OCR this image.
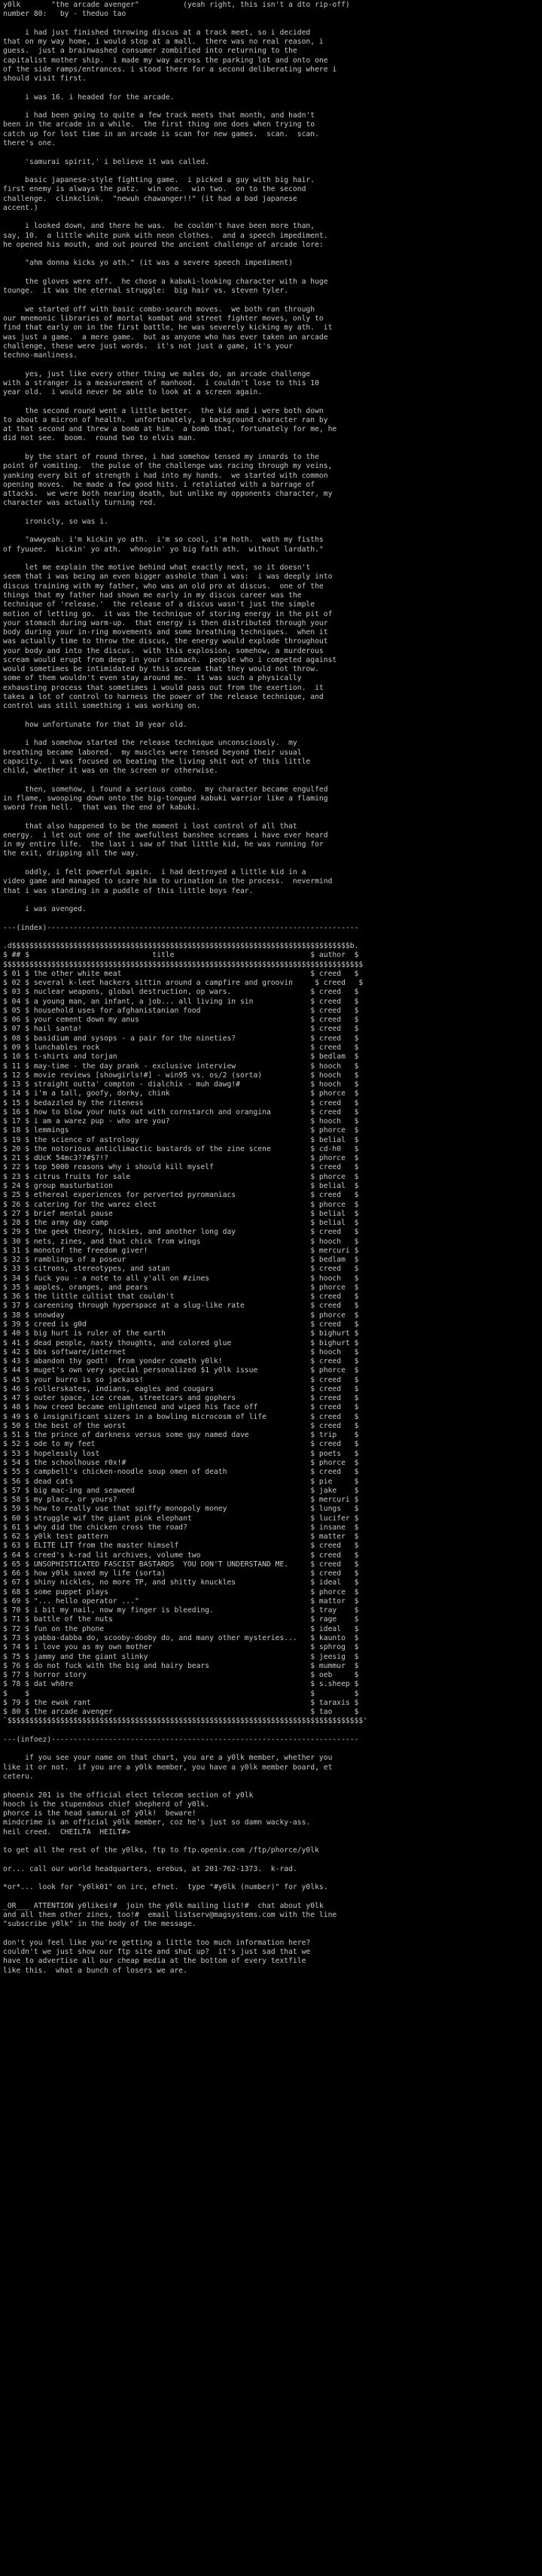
y0lk       "the arcade avenger"          (yeah right, this isn't a dto rip-off)
number 80:   by - theduo tao
i had just finished throwing discus at a track meet, so i decided
that on my way home, i would stop at a mall.  there was no real reason, i
guess.  just a brainwashed consumer zombified into returning to the
capitalist mother ship.  i made my way across the parking lot and onto one
of the side ramps/entrances. i stood there for a second deliberating where i
should visit first.
i was 16. i headed for the arcade.
i had been going to quite a few track meets that month, and hadn't
been in the arcade in a while.  the first thing one does when trying to
catch up for lost time in an arcade is scan for new games.  scan.  scan.
there's one.
'samurai spirit,' i believe it was called.
basic japanese-style fighting game.  i picked a guy with big hair.
first enemy is always the patz.  win one.  win two.  on to the second
challenge.  clinkclink.  "newuh chawanger!!" (it had a bad japanese
accent.)
i looked down, and there he was.  he couldn't have been more than,
say, 10.  a little white punk with neon clothes.  and a speech impediment.
he opened his mouth, and out poured the ancient challenge of arcade lore:
"ahm donna kicks yo ath." (it was a severe speech impediment)
the gloves were off.  he chose a kabuki-looking character with a huge
tounge.  it was the eternal struggle:  big hair vs. steven tyler.
we started off with basic combo-search moves.  we both ran through
our mnemonic libraries of mortal kombat and street fighter moves, only to
find that early on in the first battle, he was severely kicking my ath.  it
was just a game.  a mere game.  but as anyone who has ever taken an arcade
challenge, these were just words.  it's not just a game, it's your
techno-manliness.
yes, just like every other thing we males do, an arcade challenge
with a stranger is a measurement of manhood.  i couldn't lose to this 10
year old.  i would never be able to look at a screen again.
the second round went a little better.  the kid and i were both down
to about a micron of health.  unfortunately, a background character ran by
at that second and threw a bomb at him.  a bomb that, fortunately for me, he
did not see.  boom.  round two to elvis man.
by the start of round three, i had somehow tensed my innards to the
point of vomiting.  the pulse of the challenge was racing through my veins,
yanking every bit of strength i had into my hands.  we started with common
opening moves.  he made a few good hits. i retaliated with a barrage of
attacks.  we were both nearing death, but unlike my opponents character, my
character was actually turning red.
ironicly, so was i.
"awwyeah. i'm kickin yo ath.  i'm so cool, i'm hoth.  wath my fisths
of fyuuee.  kickin' yo ath.  whoopin' yo big fath ath.  without lardath."
let me explain the motive behind what exactly next, so it doesn't
seem that i was being an even bigger asshole than i was:  i was deeply into
discus training with my father, who was an old pro at discus.  one of the
things that my father had shown me early in my discus career was the
technique of 'release.'  the release of a discus wasn't just the simple
motion of letting go.  it was the technique of storing energy in the pit of
your stomach during warm-up.  that energy is then distributed through your
body during your in-ring movements and some breathing techniques.  when it
was actually time to throw the discus, the energy would explode throughout
your body and into the discus.  with this explosion, somehow, a murderous
scream would erupt from deep in your stomach.  people who i competed against
would sometimes be intimidated by this scream that they would not throw.
some of them wouldn't even stay around me.  it was such a physically
exhausting process that sometimes i would pass out from the exertion.  it
takes a lot of control to harness the power of the release technique, and
control was still something i was working on.
how unfortunate for that 10 year old.
i had somehow started the release technique unconsciously.  my
breathing became labored.  my muscles were tensed beyond their usual
capacity.  i was focused on beating the living shit out of this little
child, whether it was on the screen or otherwise.
then, somehow, i found a serious combo.  my character became engulfed
in flame, swooping down onto the big-tongued kabuki warrior like a flaming
sword from hell.  that was the end of kabuki.
that also happened to be the moment i lost control of all that
energy.  i let out one of the awefullest banshee screams i have ever heard
in my entire life.  the last i saw of that little kid, he was running for
the exit, dripping all the way.
oddly, i felt powerful again.  i had destroyed a little kid in a
video game and managed to scare him to urination in the process.  nevermind
that i was standing in a puddle of this little boys fear.
i was avenged.
---(index)-----------------------------------------------------------------------
.d$$$$$$$$$$$$$$$$$$$$$$$$$$$$$$$$$$$$$$$$$$$$$$$$$$$$$$$$$$$$$$$$$$$$$$$$$$$$$b.
$ ## $                            title                               $ author  $
$$$$$$$$$$$$$$$$$$$$$$$$$$$$$$$$$$$$$$$$$$$$$$$$$$$$$$$$$$$$$$$$$$$$$$$$$$$$$$$$$$
$ 01 $ the other white meat                                           $ creed   $
$ 02 $ several k-leet hackers sittin around a campfire and groovin     $ creed   $
$ 03 $ nuclear weapons, global destruction, op wars.                  $ creed   $
$ 04 $ a young man, an infant, a job... all living in sin             $ creed   $
$ 05 $ household uses for afghanistanian food                         $ creed   $
$ 06 $ your cement down my anus                                       $ creed   $
$ 07 $ hail santa!                                                    $ creed   $
$ 08 $ basidium and sysops - a pair for the nineties?                 $ creed   $
$ 09 $ lunchables rock                                                $ creed   $
$ 10 $ t-shirts and torjan                                            $ bedlam  $
$ 11 $ may-time - the day prank - exclusive interview                 $ hooch   $
$ 12 $ movie reviews [showgirls!#] - win95 vs. os/2 (sorta)           $ hooch   $
$ 13 $ straight outta' compton - dialchix - muh dawg!#                $ hooch   $
$ 14 $ i'm a tall, goofy, dorky, chink                                $ phorce  $
$ 15 $ bedazzled by the riteness                                      $ creed   $
$ 16 $ how to blow your nuts out with cornstarch and orangina         $ creed   $
$ 17 $ i am a warez pup - who are you?                                $ hooch   $
$ 18 $ lemmings                                                       $ phorce  $
$ 19 $ the science of astrology                                       $ belial  $
$ 20 $ the notorious anticlimactic bastards of the zine scene         $ cd-h0   $
$ 21 $ dUcK 54mc3??#$?!?                                              $ phorce  $
$ 22 $ top 5000 reasons why i should kill myself                      $ creed   $
$ 23 $ citrus fruits for sale                                         $ phorce  $
$ 24 $ group masturbation                                             $ belial  $
$ 25 $ ethereal experiences for perverted pyromaniacs                 $ creed   $
$ 26 $ catering for the warez elect                                   $ phorce  $
$ 27 $ brief mental pause                                             $ belial  $
$ 28 $ the army day camp                                              $ belial  $
$ 29 $ the geek theory, hickies, and another long day                 $ creed   $
$ 30 $ nets, zines, and that chick from wings                         $ hooch   $
$ 31 $ monotof the freedom giver!                                     $ mercuri $
$ 32 $ ramblings of a poseur                                          $ bedlam  $
$ 33 $ citrons, stereotypes, and satan                                $ creed   $
$ 34 $ fuck you - a note to all y'all on #zines                       $ hooch   $
$ 35 $ apples, oranges, and pears                                     $ phorce  $
$ 36 $ the little cultist that couldn't                               $ creed   $
$ 37 $ careening through hyperspace at a slug-like rate               $ creed   $
$ 38 $ snowday                                                        $ phorce  $
$ 39 $ creed is g0d                                                   $ creed   $
$ 40 $ big hurt is ruler of the earth                                 $ bighurt $
$ 41 $ dead people, nasty thoughts, and colored glue                  $ bighurt $
$ 42 $ bbs software/internet                                          $ hooch   $
$ 43 $ abandon thy godt!  from yonder cometh y0lk!                    $ creed   $
$ 44 $ muget's own very special personalized $1 y0lk issue            $ phorce  $
$ 45 $ your burro is so jackass!                                      $ creed   $
$ 46 $ rollerskates, indians, eagles and cougars                      $ creed   $
$ 47 $ outer space, ice cream, streetcars and gophers                 $ creed   $
$ 48 $ how creed became enlightened and wiped his face off            $ creed   $
$ 49 $ 6 insignificant sizers in a bowling microcosm of life          $ creed   $
$ 50 $ the best of the worst                                          $ creed   $
$ 51 $ the prince of darkness versus some guy named dave              $ trip    $
$ 52 $ ode to my feet                                                 $ creed   $
$ 53 $ hopelessly lost                                                $ poets   $
$ 54 $ the schoolhouse r0x!#                                          $ phorce  $
$ 55 $ campbell's chicken-noodle soup omen of death                   $ creed   $
$ 56 $ dead cats                                                      $ pie     $
$ 57 $ big mac-ing and seaweed                                        $ jake    $
$ 58 $ my place, or yours?                                            $ mercuri $
$ 59 $ how to really use that spiffy monopoly money                   $ lungs   $
$ 60 $ struggle wif the giant pink elephant                           $ lucifer $
$ 61 $ why did the chicken cross the road?                            $ insane  $
$ 62 $ y0lk test pattern                                              $ matter  $
$ 63 $ ELITE LIT from the master himself                              $ creed   $
$ 64 $ creed's k-rad lit archives, volume two                         $ creed   $
$ 65 $ UNSOPHISTICATED FASCIST BASTARDS  YOU DON'T UNDERSTAND ME.     $ creed   $
$ 66 $ how y0lk saved my life (sorta)                                 $ creed   $
$ 67 $ shiny nickles, no more TP, and shitty knuckles                 $ ideal   $
$ 68 $ some puppet plays                                              $ phorce  $
$ 69 $ "... hello operator ..."                                       $ mattor  $
$ 70 $ i bit my nail, now my finger is bleeding.                      $ tray    $
$ 71 $ battle of the nuts                                             $ rage    $
$ 72 $ fun on the phone                                               $ ideal   $
$ 73 $ yabba-dabba do, scooby-dooby do, and many other mysteries...   $ kaunto  $
$ 74 $ i love you as my own mother                                    $ sphrog  $
$ 75 $ jammy and the giant slinky                                     $ jeesig  $
$ 76 $ do not fuck with the big and hairy bears                       $ mummur  $
$ 77 $ horror story                                                   $ oeb     $
$ 78 $ dat wh0re                                                      $ s.sheep $
$    $                                                                $         $
$ 79 $ the ewok rant                                                  $ taraxis $
$ 80 $ the arcade avenger                                             $ tao     $
`$$$$$$$$$$$$$$$$$$$$$$$$$$$$$$$$$$$$$$$$$$$$$$$$$$$$$$$$$$$$$$$$$$$$$$$$$$$$$$$$$'
---(infoez)----------------------------------------------------------------------
if you see your name on that chart, you are a y0lk member, whether you
like it or not.  if you are a y0lk member, you have a y0lk member board, et
ceteru.
phoenix 201 is the official elect telecom section of y0lk
hooch is the stupendous chief shepherd of y0lk.
phorce is the head samurai of y0lk!  beware!
mindcrime is an official y0lk member, coz he's just so damn wacky-ass.
heil creed.  CHEILTA  HEILT#>
to get all the rest of the y0lks, ftp to ftp.openix.com /ftp/phorce/y0lk
or... call our world headquarters, erebus, at 201-762-1373.  k-rad.
*or*... look for "y0lk01" on irc, efnet.  type "#y0lk (number)" for y0lks.
_OR___ ATTENTION y0likes!#  join the y0lk mailing list!#  chat about y0lk
and all them other zines, too!#  email listserv@magsystems.com with the line
"subscribe y0lk" in the body of the message.
don't you feel like you're getting a little too much information here?
couldn't we just show our ftp site and shut up?  it's just sad that we
have to advertise all our cheap media at the bottom of every textfile
like this.  what a bunch of losers we are.
